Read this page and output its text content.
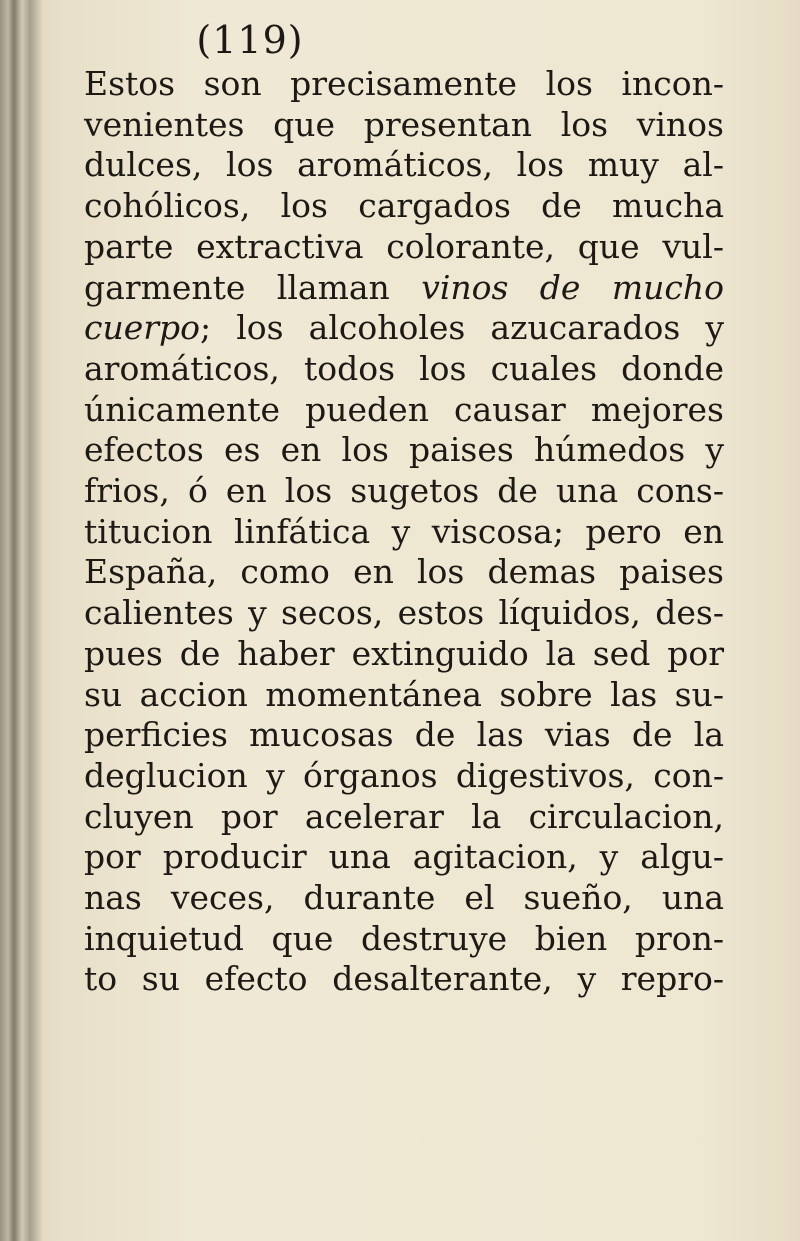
(119)
Estos son precisamente los incon-
venientes que presentan los vinos
dulces, los aromáticos, los muy al-
cohólicos, los cargados de mucha
parte extractiva colorante, que vul-
garmente llaman vinos de mucho
cuerpo; los alcoholes azucarados y
aromáticos, todos los cuales donde
únicamente pueden causar mejores
efectos es en los paises húmedos y
frios, ó en los sugetos de una cons-
titucion linfática y viscosa; pero en
España, como en los demas paises
calientes y secos, estos líquidos, des-
pues de haber extinguido la sed por
su accion momentánea sobre las su-
perficies mucosas de las vias de la
deglucion y órganos digestivos, con-
cluyen por acelerar la circulacion,
por producir una agitacion, y algu-
nas veces, durante el sueño, una
inquietud que destruye bien pron-
to su efecto desalterante, y repro-
